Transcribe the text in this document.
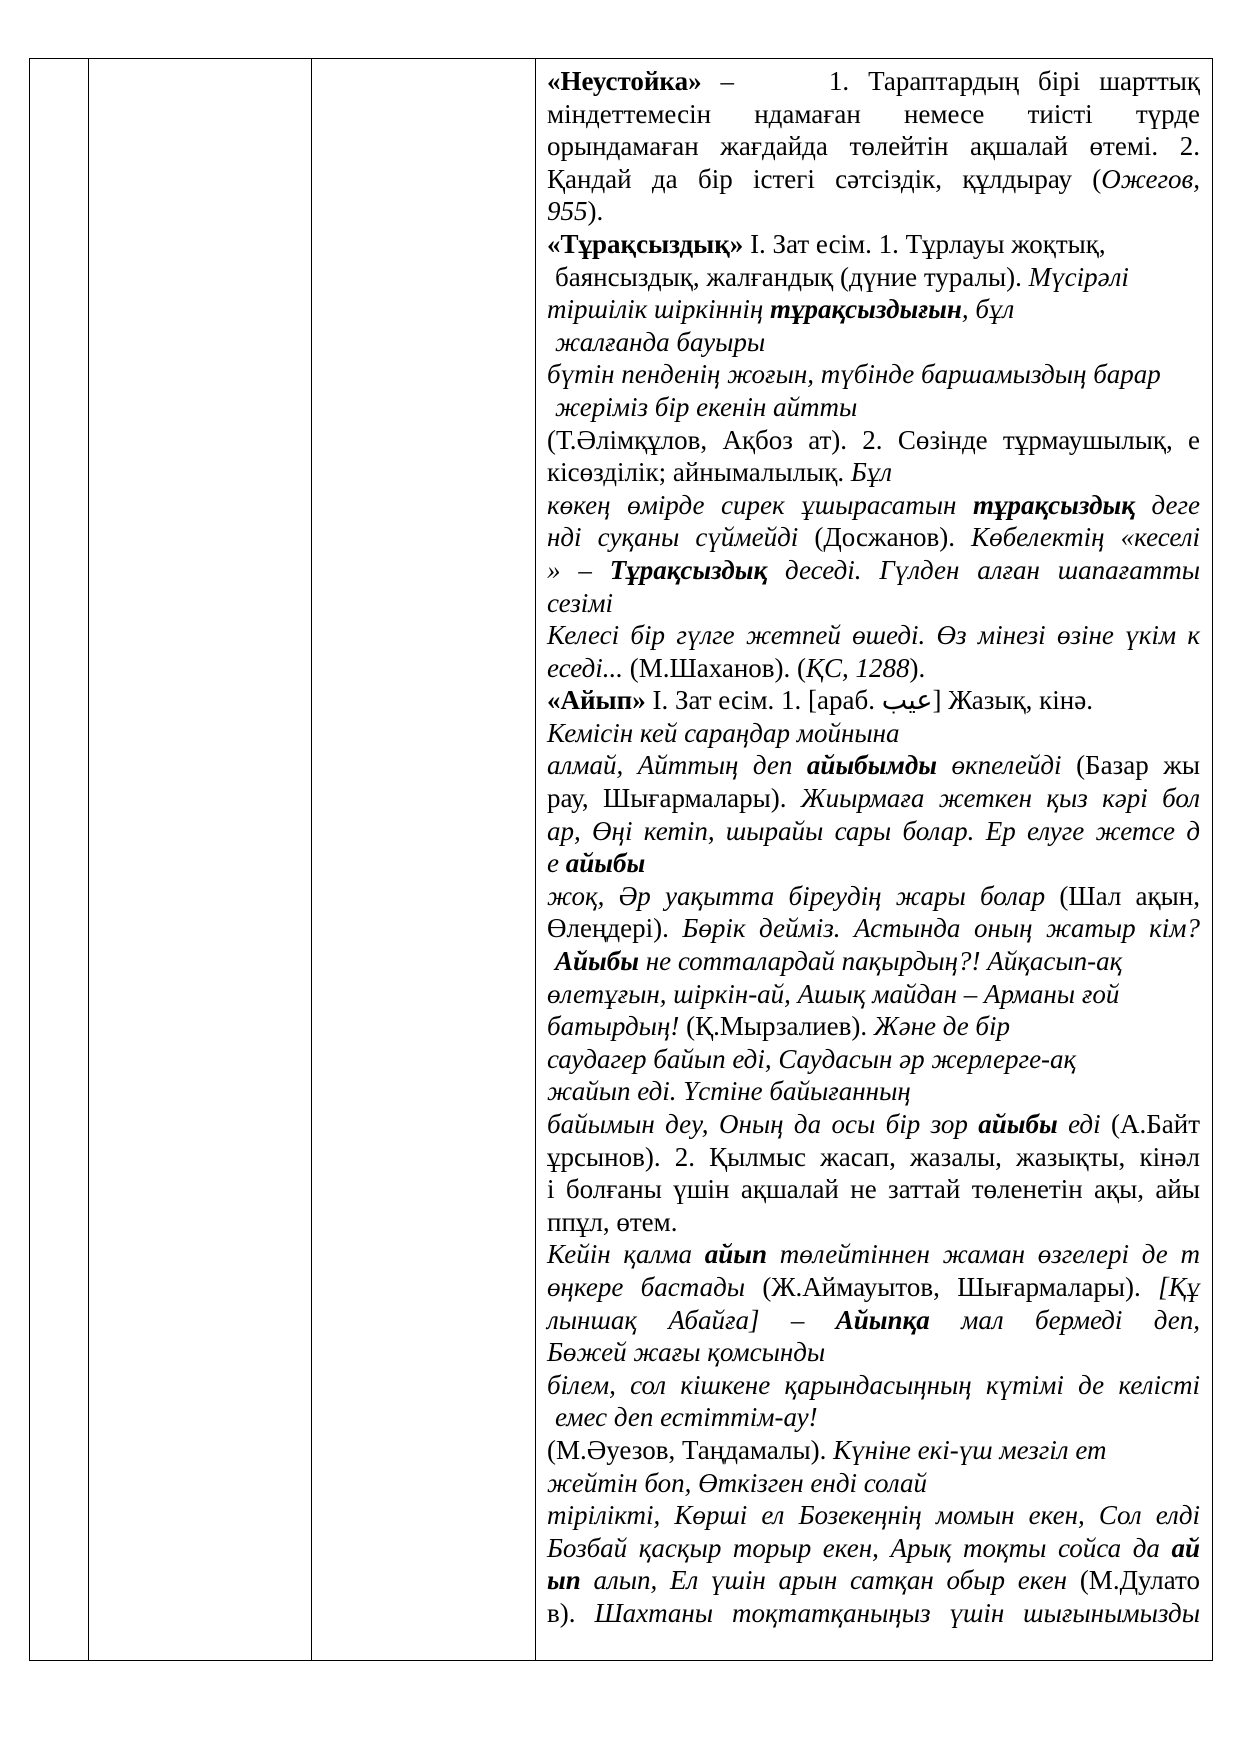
«Неустойка» –	1. Тараптардың бірі шарттық

міндеттемесін ндамаған немесе тиісті түрде

орындамаған жағдайда төлейтін ақшалай өтемі. 2.

Қандай да бір істегі сәтсіздік, құлдырау (Ожегов,

955).

«Тұрақсыздық» I. Зат есім. 1. Тұрлауы жоқтық,

баянсыздық, жалғандық (дүние туралы). Мүсірәлі

тіршілік шіркіннің тұрақсыздығын, бұл

жалғанда бауыры

бүтін пенденің жоғын, түбінде баршамыздың барар

жеріміз бір екенін айтты

(Т.Әлімқұлов, Ақбоз ат). 2. Сөзінде тұрмаушылық, е

кісөзділік; айнымалылық. Бұл

көкең өмірде сирек ұшырасатын тұрақсыздық деге

нді суқаны сүймейді (Досжанов). Көбелектің «кеселі

» – Тұрақсыздық деседі. Гүлден алған шапағатты

сезімі

Келесі бір гүлге жетпей өшеді. Өз мінезі өзіне үкім к

еседі... (М.Шаханов). (ҚС, 1288).

«Айып» I. Зат есім. 1. [араб. عيب] Жазық, кінә.

Кемісін кей сараңдар мойнына

алмай, Айттың деп айыбымды өкпелейді (Базар жы

рау, Шығармалары). Жиырмаға жеткен қыз кәрі бол

ар, Өңі кетіп, шырайы сары болар. Ер елуге жетсе д

е айыбы

жоқ, Әр уақытта біреудің жары болар (Шал ақын,

Өлеңдері). Бөрік дейміз. Астында оның жатыр кім?

Айыбы не сотталардай пақырдың?! Айқасып-ақ

өлетұғын, шіркін-ай, Ашық майдан – Арманы ғой

батырдың! (Қ.Мырзалиев). Және де бір

саудагер байып еді, Саудасын әр жерлерге-ақ

жайып еді. Үстіне байығанның

байымын деу, Оның да осы бір зор айыбы еді (А.Байт

ұрсынов). 2. Қылмыс жасап, жазалы, жазықты, кінәл

і болғаны үшін ақшалай не заттай төленетін ақы, айы

ппұл, өтем.

Кейін қалма айып төлейтіннен жаман өзгелері де т

өңкере бастады (Ж.Аймауытов, Шығармалары). [Құ

лыншақ Абайға] – Айыпқа мал бермеді деп,

Бөжей жағы қомсынды

білем, сол кішкене қарындасыңның күтімі де келісті

емес деп естіттім-ау!

(М.Әуезов, Таңдамалы). Күніне екі-үш мезгіл ет

жейтін боп, Өткізген енді солай

тірілікті, Көрші ел Бозекеңнің момын екен, Сол елді

Бозбай қасқыр торыр екен, Арық тоқты сойса да ай

ып алып, Ел үшін арын сатқан обыр екен (М.Дулато

в). Шахтаны тоқтатқаныңыз үшін шығынымызды
